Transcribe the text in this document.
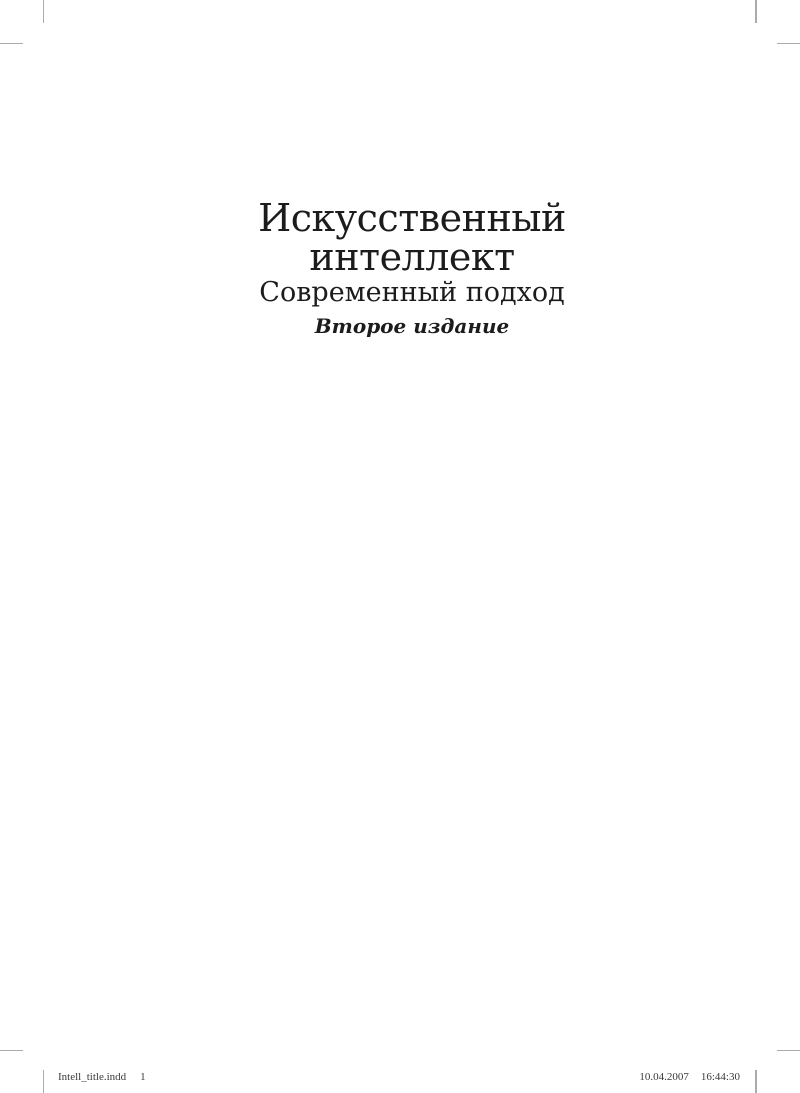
Искусственный
интеллект
Современный подход
Второе издание
Intell_title.indd 1	10.04.2007 16:44:30
